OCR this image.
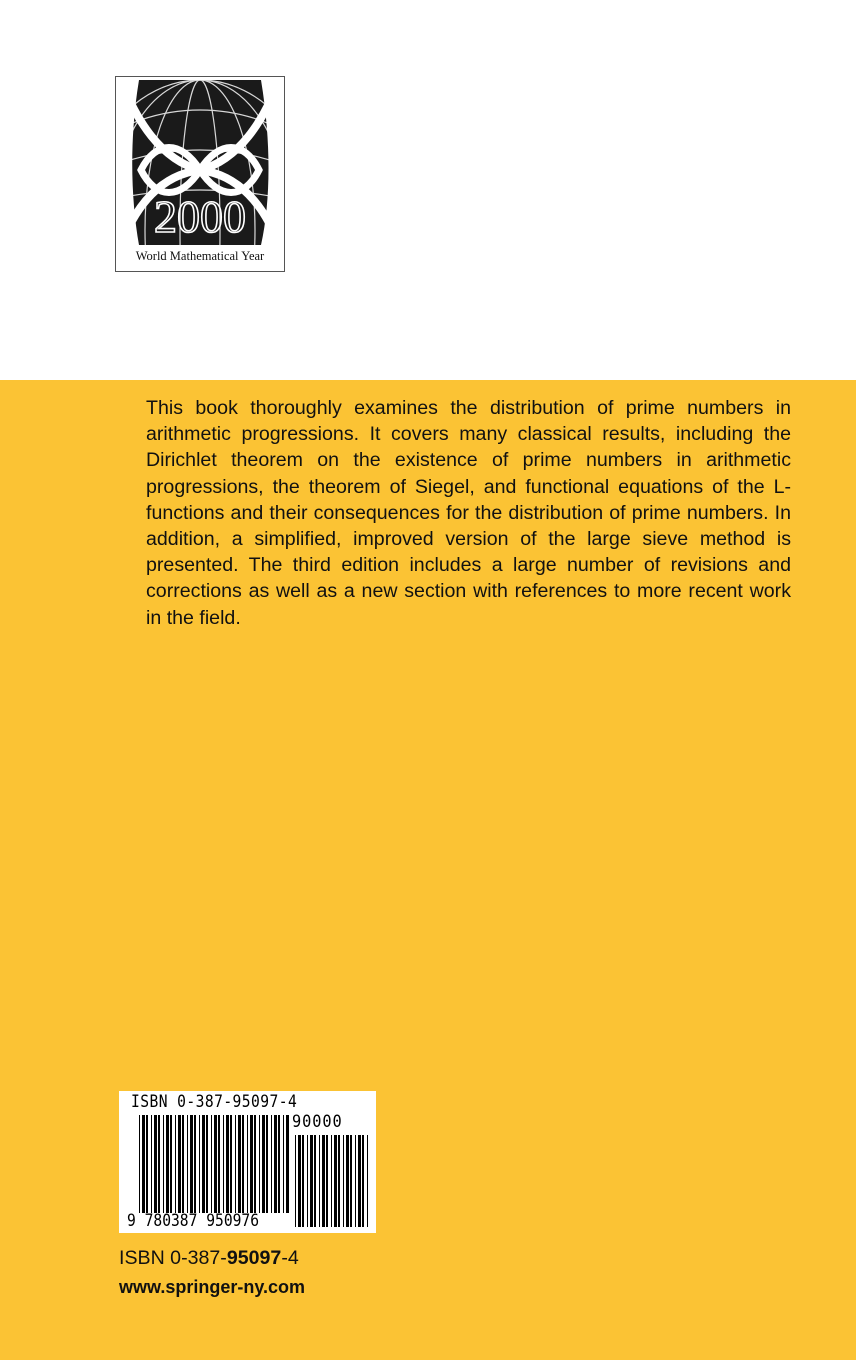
2000
World Mathematical Year

This book thoroughly examines the distribution of prime numbers in arithmetic progressions. It covers many classical results, including the Dirichlet theorem on the existence of prime numbers in arithmetic progressions, the theorem of Siegel, and functional equations of the L-functions and their consequences for the distribution of prime numbers. In addition, a simplified, improved version of the large sieve method is presented. The third edition includes a large number of revisions and corrections as well as a new section with references to more recent work in the field.

ISBN 0-387-95097-4
90000
9 780387 950976
ISBN 0-387-95097-4
www.springer-ny.com
